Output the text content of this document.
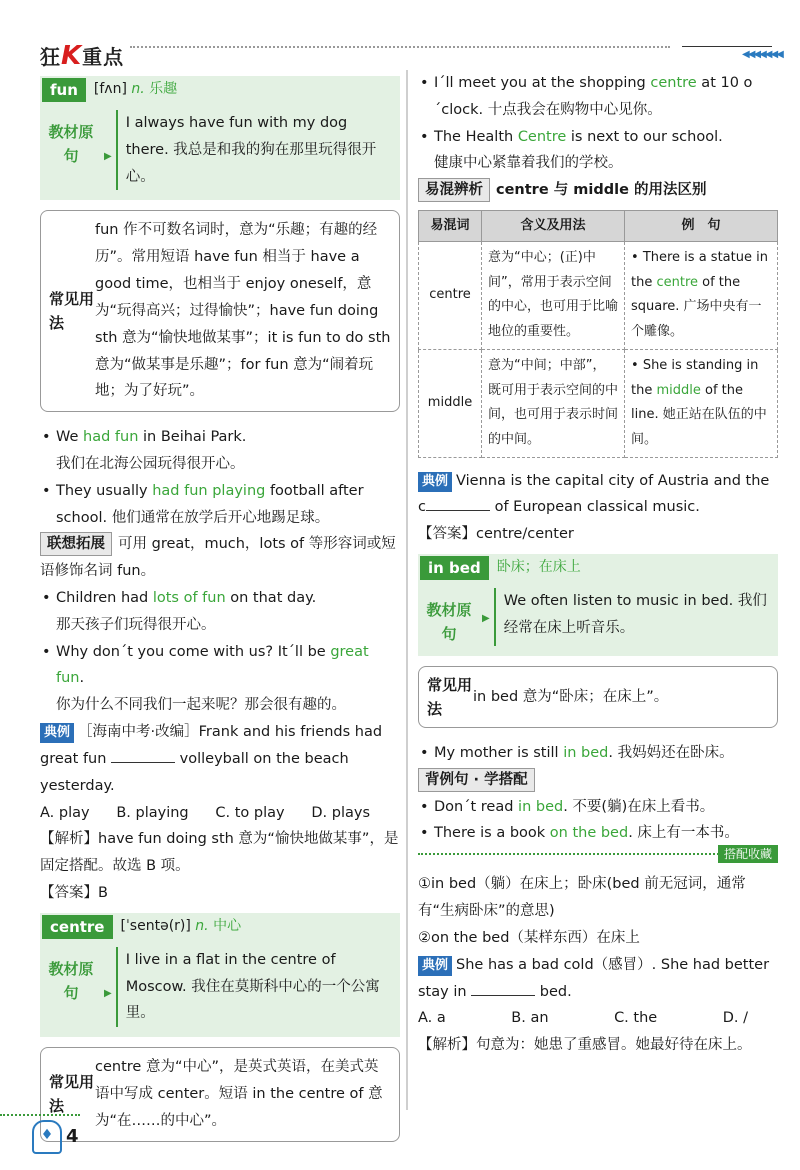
狂K重点	◀◀◀◀◀◀◀
fun	[fʌn] n. 乐趣
教材原句	▶
I always have fun with my dog there. 我总是和我的狗在那里玩得很开心。
常见用法
fun 作不可数名词时，意为“乐趣；有趣的经历”。常用短语 have fun 相当于 have a good time，也相当于 enjoy oneself，意为“玩得高兴；过得愉快”；have fun doing sth 意为“愉快地做某事”；it is fun to do sth 意为“做某事是乐趣”；for fun 意为“闹着玩地；为了好玩”。
• We had fun in Beihai Park.
我们在北海公园玩得很开心。
• They usually had fun playing football after school. 他们通常在放学后开心地踢足球。
联想拓展 可用 great，much，lots of 等形容词或短语修饰名词 fun。
• Children had lots of fun on that day.
那天孩子们玩得很开心。
• Why don´t you come with us? It´ll be great fun.
你为什么不同我们一起来呢？那会很有趣的。
典例 ［海南中考·改编］Frank and his friends had great fun	volleyball on the beach yesterday.
A. play B. playing C. to play D. plays
【解析】have fun doing sth 意为“愉快地做某事”，是固定搭配。故选 B 项。
【答案】B
centre	[ˈsentə(r)] n. 中心
教材原句	▶
I live in a flat in the centre of Moscow. 我住在莫斯科中心的一个公寓里。
常见用法
centre 意为“中心”，是英式英语，在美式英语中写成 center。短语 in the centre of 意为“在……的中心”。
• I´ll meet you at the shopping centre at 10 o´clock. 十点我会在购物中心见你。
• The Health Centre is next to our school.
健康中心紧靠着我们的学校。
易混辨析 centre 与 middle 的用法区别
易混词	含义及用法	例　句
centre	意为“中心；(正)中间”，常用于表示空间的中心，也可用于比喻地位的重要性。	• There is a statue in the centre of the square. 广场中央有一个雕像。
middle	意为“中间；中部”，既可用于表示空间的中间，也可用于表示时间的中间。	• She is standing in the middle of the line. 她正站在队伍的中间。
典例 Vienna is the capital city of Austria and the c	of European classical music.
【答案】centre/center
in bed	卧床；在床上
教材原句
▶
We often listen to music in bed. 我们经常在床上听音乐。
常见用法
in bed 意为“卧床；在床上”。
• My mother is still in bed. 我妈妈还在卧床。
背例句 · 学搭配
• Don´t read in bed. 不要(躺)在床上看书。
• There is a book on the bed. 床上有一本书。
搭配收藏
①in bed（躺）在床上；卧床(bed 前无冠词，通常有“生病卧床”的意思)
②on the bed（某样东西）在床上
典例 She has a bad cold（感冒）. She had better stay in	bed.
A. a	B. an	C. the	D. /
【解析】句意为：她患了重感冒。她最好待在床上。
♦ 4
